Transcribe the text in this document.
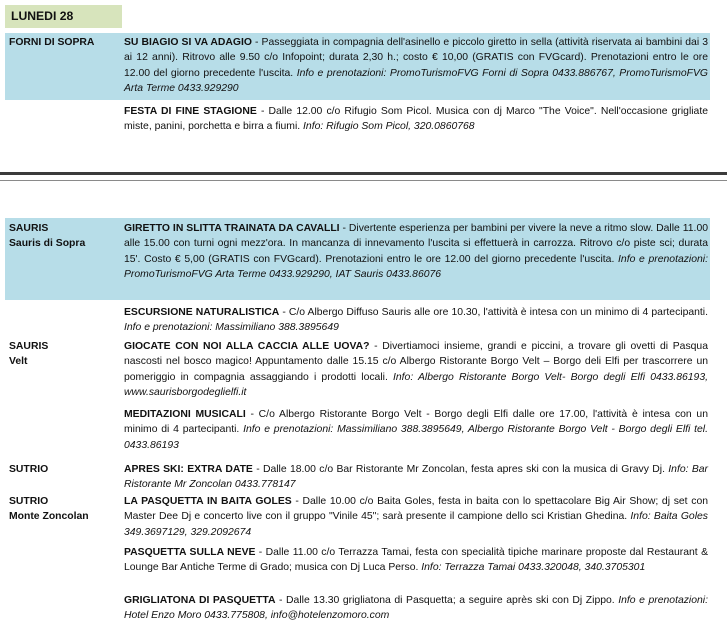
LUNEDI 28
FORNI DI SOPRA	SU BIAGIO SI VA ADAGIO - Passeggiata in compagnia dell'asinello e piccolo giretto in sella (attività riservata ai bambini dai 3 ai 12 anni). Ritrovo alle 9.50 c/o Infopoint; durata 2,30 h.; costo € 10,00 (GRATIS con FVGcard). Prenotazioni entro le ore 12.00 del giorno precedente l'uscita. Info e prenotazioni: PromoTurismoFVG Forni di Sopra 0433.886767, PromoTurismoFVG Arta Terme 0433.929290
FESTA DI FINE STAGIONE - Dalle 12.00 c/o Rifugio Som Picol. Musica con dj Marco "The Voice". Nell'occasione grigliate miste, panini, porchetta e birra a fiumi. Info: Rifugio Som Picol, 320.0860768
SAURIS
Sauris di Sopra
SAURIS
Velt
SUTRIO
SUTRIO
Monte Zoncolan
GIRETTO IN SLITTA TRAINATA DA CAVALLI - Divertente esperienza per bambini per vivere la neve a ritmo slow. Dalle 11.00 alle 15.00 con turni ogni mezz'ora. In mancanza di innevamento l'uscita si effettuerà in carrozza. Ritrovo c/o piste sci; durata 15'. Costo € 5,00 (GRATIS con FVGcard). Prenotazioni entro le ore 12.00 del giorno precedente l'uscita. Info e prenotazioni: PromoTurismoFVG Arta Terme 0433.929290, IAT Sauris 0433.86076
ESCURSIONE NATURALISTICA - C/o Albergo Diffuso Sauris alle ore 10.30, l'attività è intesa con un minimo di 4 partecipanti. Info e prenotazioni: Massimiliano 388.3895649
GIOCATE CON NOI ALLA CACCIA ALLE UOVA? - Divertiamoci insieme, grandi e piccini, a trovare gli ovetti di Pasqua nascosti nel bosco magico! Appuntamento dalle 15.15 c/o Albergo Ristorante Borgo Velt – Borgo deli Elfi per trascorrere un pomeriggio in compagnia assaggiando i prodotti locali. Info: Albergo Ristorante Borgo Velt- Borgo degli Elfi 0433.86193, www.saurisborgodeglielfi.it
MEDITAZIONI MUSICALI - C/o Albergo Ristorante Borgo Velt - Borgo degli Elfi dalle ore 17.00, l'attività è intesa con un minimo di 4 partecipanti. Info e prenotazioni: Massimiliano 388.3895649, Albergo Ristorante Borgo Velt - Borgo degli Elfi tel. 0433.86193
APRES SKI: EXTRA DATE - Dalle 18.00 c/o Bar Ristorante Mr Zoncolan, festa apres ski con la musica di Gravy Dj. Info: Bar Ristorante Mr Zoncolan 0433.778147
LA PASQUETTA IN BAITA GOLES - Dalle 10.00 c/o Baita Goles, festa in baita con lo spettacolare Big Air Show; dj set con Master Dee Dj e concerto live con il gruppo "Vinile 45"; sarà presente il campione dello sci Kristian Ghedina. Info: Baita Goles 349.3697129, 329.2092674
PASQUETTA SULLA NEVE - Dalle 11.00 c/o Terrazza Tamai, festa con specialità tipiche marinare proposte dal Restaurant & Lounge Bar Antiche Terme di Grado; musica con Dj Luca Perso. Info: Terrazza Tamai 0433.320048, 340.3705301
GRIGLIATONA DI PASQUETTA - Dalle 13.30 grigliatona di Pasquetta; a seguire après ski con Dj Zippo. Info e prenotazioni: Hotel Enzo Moro 0433.775808, info@hotelenzomoro.com
